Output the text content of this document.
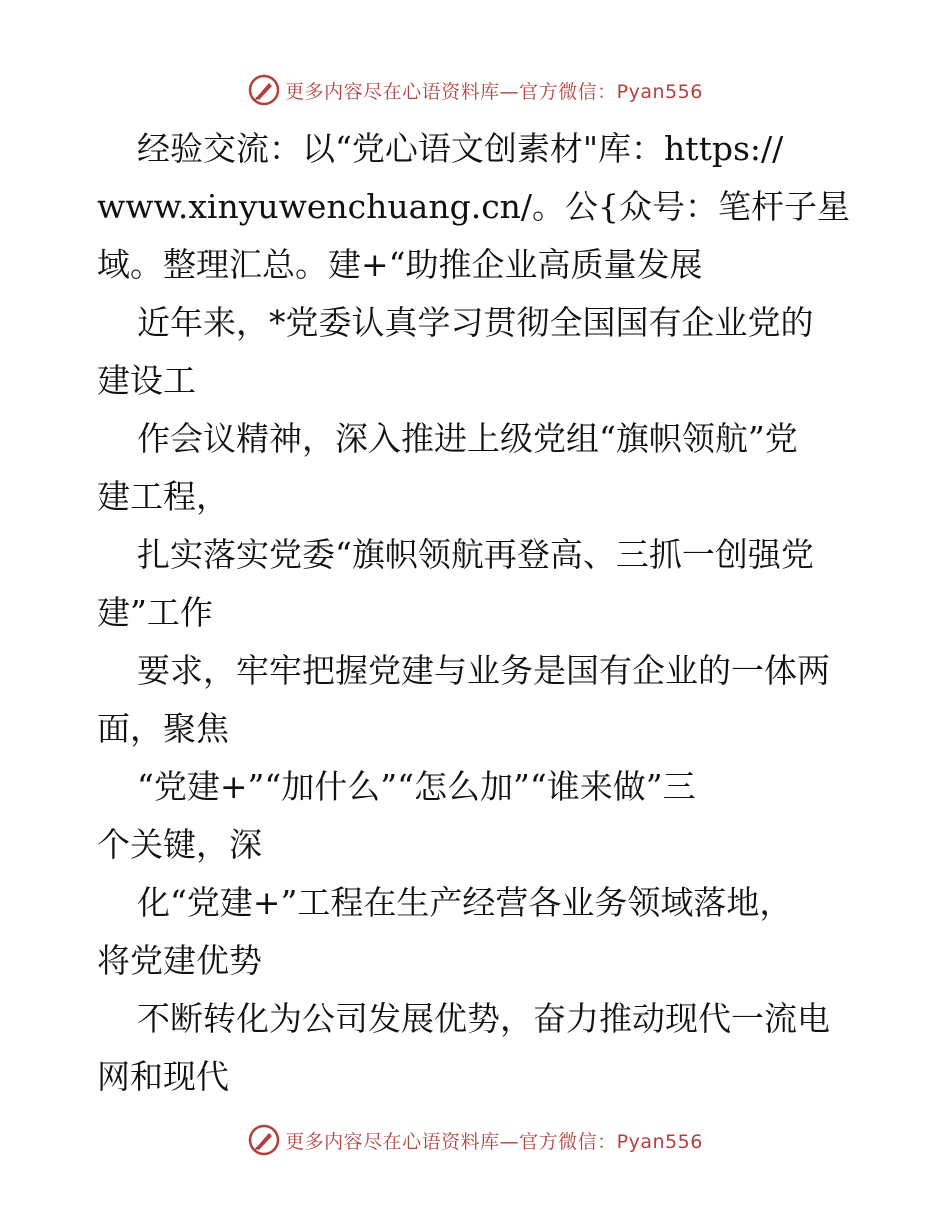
更多内容尽在心语资料库—官方微信：Pyan556
经验交流：以“党心语文创素材"库：https://
www.xinyuwenchuang.cn/。公{众号：笔杆子星
域。整理汇总。建+“助推企业高质量发展
近年来，*党委认真学习贯彻全国国有企业党的
建设工
作会议精神，深入推进上级党组“旗帜领航”党
建工程，
扎实落实党委“旗帜领航再登高、三抓一创强党
建”工作
要求，牢牢把握党建与业务是国有企业的一体两
面，聚焦
“党建+”“加什么”“怎么加”“谁来做”三
个关键，深
化“党建+”工程在生产经营各业务领域落地，
将党建优势
不断转化为公司发展优势，奋力推动现代一流电
网和现代
更多内容尽在心语资料库—官方微信：Pyan556
